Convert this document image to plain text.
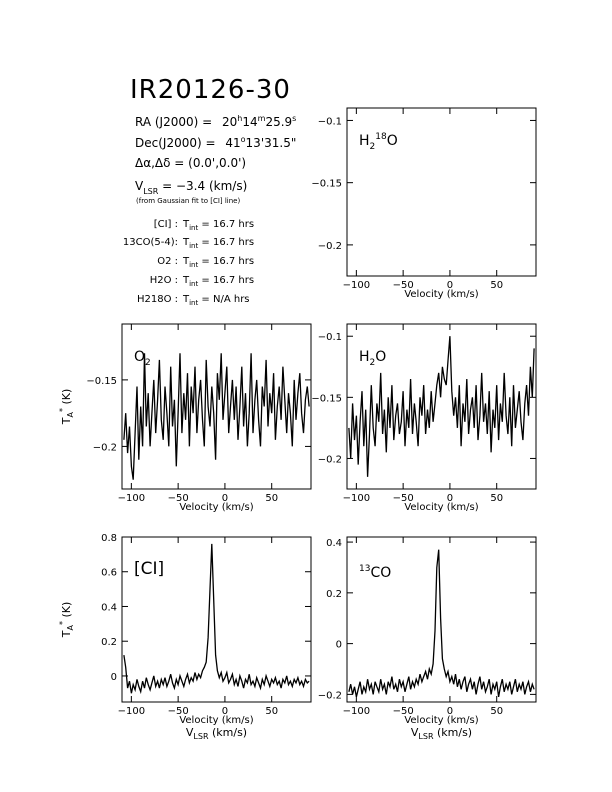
IR20126-30
RA $(J2000) = 20^h14^m25.9^s$
$Dec(J2000) = 41^o13'31.5$"
Δα,Δδ = (0.0',0.0')
$V_{LSR} = -3.4$ (km/s)
(from Gaussian fit to [CI] line)
[CI] : $T_{int} = 16.7$ hrs
13CO(5-4): $T_{int} = 16.7$ hrs
O2 : $T_{int} = 16.7$ hrs
H2O : $T_{int} = 16.7$ hrs
H218O : $T_{int} = N/A$ hrs
−100 −50	0	50
−0.1
−0.15
−0.2
Velocity (km/s)
$H_2^{18}O$
−100 −50	0	50
−0.15
−0.2
Velocity (km/s)
$T_A^*$ (K)
$O_2$
−100 −50	0	50
−0.1
−0.15
−0.2
Velocity (km/s)
$H_2O$
−100 −50	0	50
0
0.2
0.4
0.6
0.8
Velocity (km/s)
$V_{LSR}$ (km/s)
$T_A^*$ (K)
[CI]
−100 −50	0	50
−0.2
0
0.2
0.4
Velocity (km/s)
$V_{LSR}$ (km/s)
$^{13}$CO
